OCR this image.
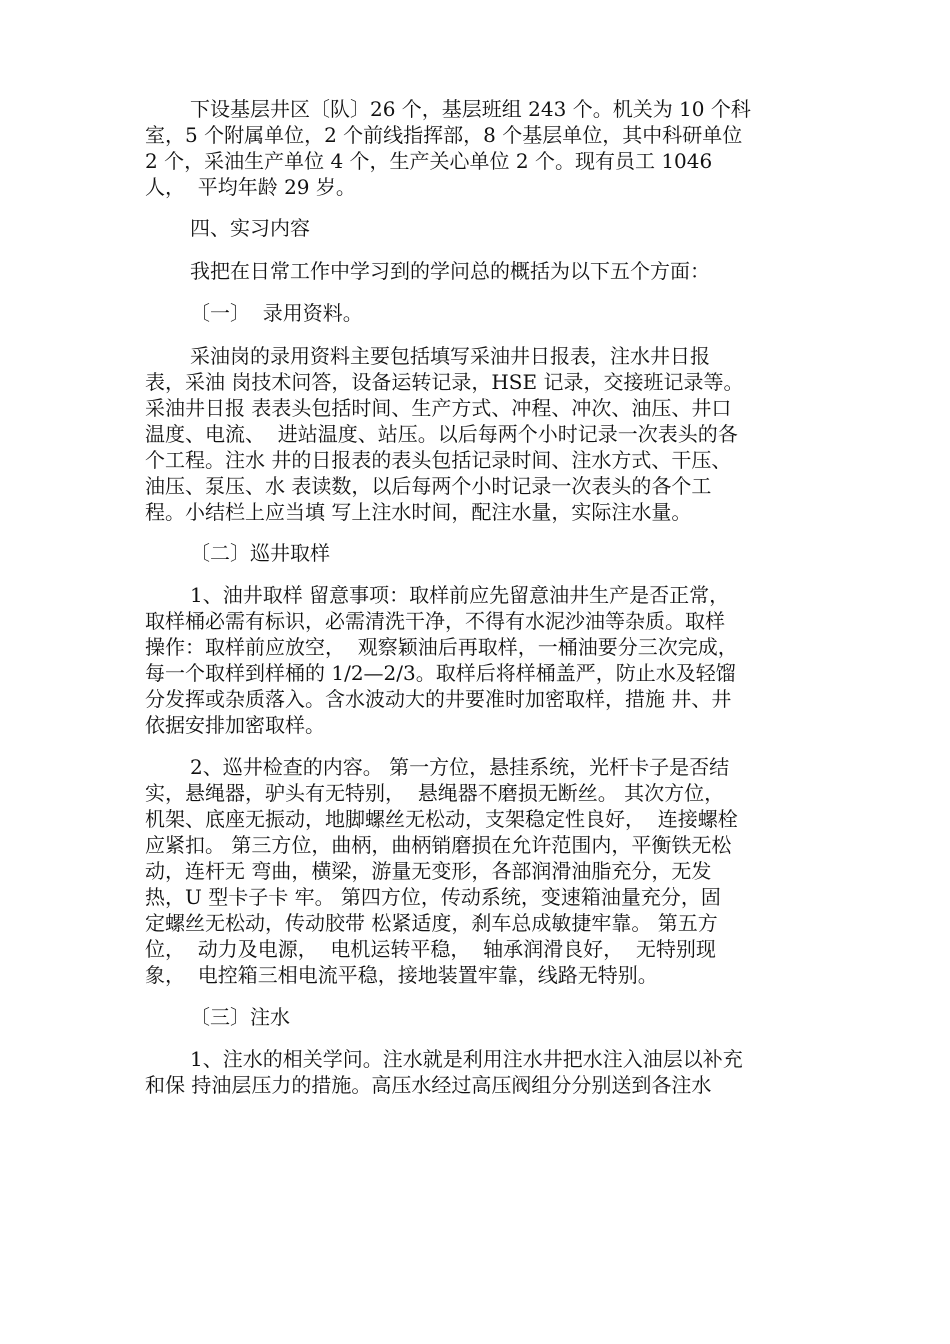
下设基层井区〔队〕26 个，基层班组 243 个。机关为 10 个科

室，5 个附属单位，2 个前线指挥部，8 个基层单位，其中科研单位

2 个，采油生产单位 4 个，生产关心单位 2 个。现有员工 1046

人，  平均年龄 29 岁。

四、实习内容

我把在日常工作中学习到的学问总的概括为以下五个方面：

〔一〕  录用资料。

采油岗的录用资料主要包括填写采油井日报表，注水井日报

表，采油 岗技术问答，设备运转记录，HSE 记录，交接班记录等。

采油井日报 表表头包括时间、生产方式、冲程、冲次、油压、井口

温度、电流、  进站温度、站压。以后每两个小时记录一次表头的各

个工程。注水 井的日报表的表头包括记录时间、注水方式、干压、

油压、泵压、水 表读数，以后每两个小时记录一次表头的各个工

程。小结栏上应当填 写上注水时间，配注水量，实际注水量。

〔二〕巡井取样

1、油井取样 留意事项：取样前应先留意油井生产是否正常，

取样桶必需有标识，必需清洗干净，不得有水泥沙油等杂质。取样

操作：取样前应放空，  观察颖油后再取样，一桶油要分三次完成，

每一个取样到样桶的 1/2—2/3。取样后将样桶盖严，防止水及轻馏

分发挥或杂质落入。含水波动大的井要准时加密取样，措施 井、井

依据安排加密取样。

2、巡井检查的内容。 第一方位，悬挂系统，光杆卡子是否结

实，悬绳器，驴头有无特别，  悬绳器不磨损无断丝。 其次方位，

机架、底座无振动，地脚螺丝无松动，支架稳定性良好，  连接螺栓

应紧扣。 第三方位，曲柄，曲柄销磨损在允许范围内，平衡铁无松

动，连杆无 弯曲，横梁，游量无变形，各部润滑油脂充分，无发

热，U 型卡子卡 牢。 第四方位，传动系统，变速箱油量充分，固

定螺丝无松动，传动胶带 松紧适度，刹车总成敏捷牢靠。 第五方

位，  动力及电源，  电机运转平稳，  轴承润滑良好，  无特别现

象，  电控箱三相电流平稳，接地装置牢靠，线路无特别。

〔三〕注水

1、注水的相关学问。注水就是利用注水井把水注入油层以补充

和保 持油层压力的措施。高压水经过高压阀组分分别送到各注水
